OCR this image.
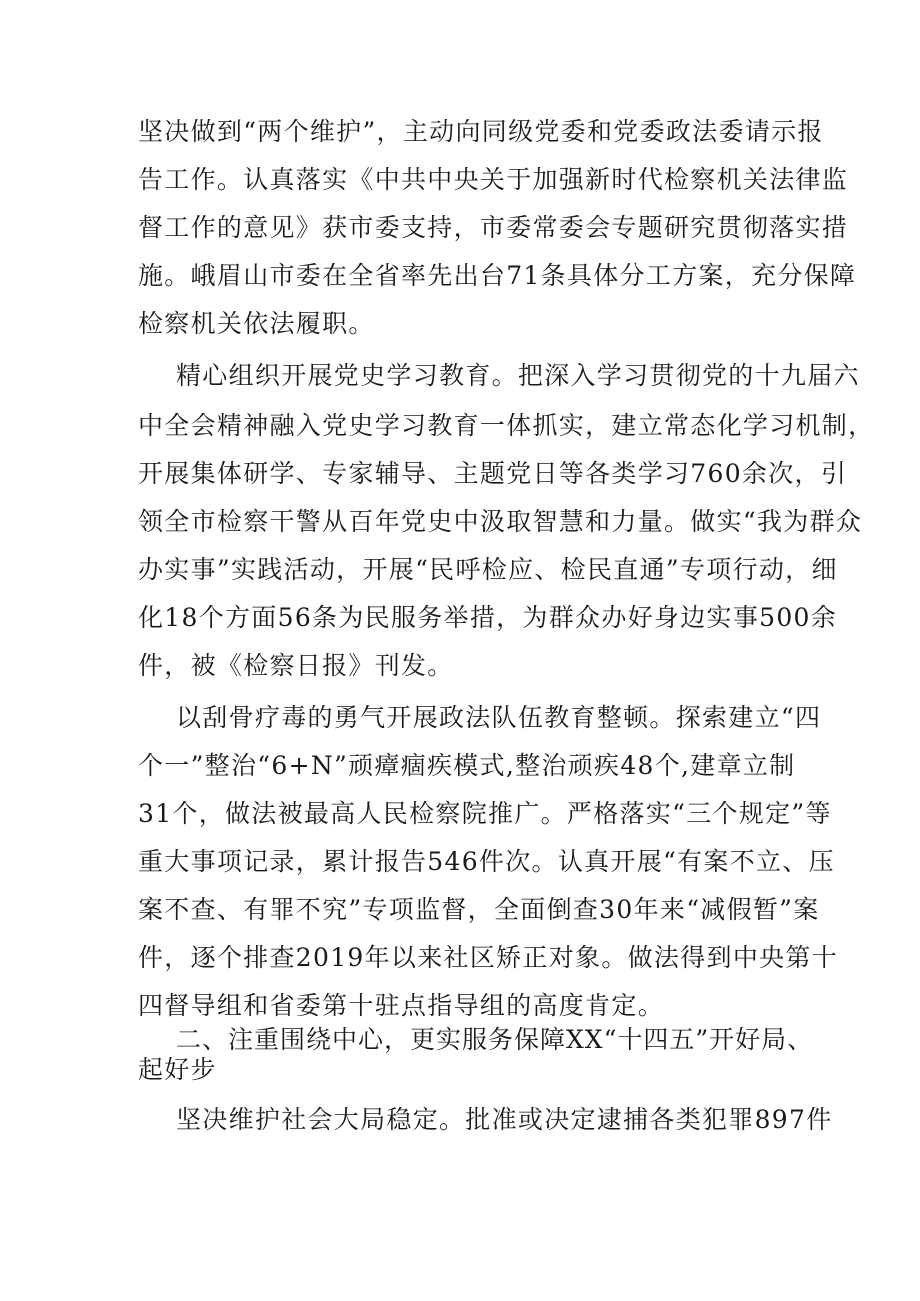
坚决做到“两个维护”，主动向同级党委和党委政法委请示报
告工作。认真落实《中共中央关于加强新时代检察机关法律监
督工作的意见》获市委支持，市委常委会专题研究贯彻落实措
施。峨眉山市委在全省率先出台71条具体分工方案，充分保障
检察机关依法履职。
精心组织开展党史学习教育。把深入学习贯彻党的十九届六
中全会精神融入党史学习教育一体抓实，建立常态化学习机制，
开展集体研学、专家辅导、主题党日等各类学习760余次，引
领全市检察干警从百年党史中汲取智慧和力量。做实“我为群众
办实事”实践活动，开展“民呼检应、检民直通”专项行动，细
化18个方面56条为民服务举措，为群众办好身边实事500余
件，被《检察日报》刊发。
以刮骨疗毒的勇气开展政法队伍教育整顿。探索建立“四
个一”整治“6+N”顽瘴痼疾模式,整治顽疾48个,建章立制
31个，做法被最高人民检察院推广。严格落实“三个规定”等
重大事项记录，累计报告546件次。认真开展“有案不立、压
案不查、有罪不究”专项监督，全面倒查30年来“减假暂”案
件，逐个排查2019年以来社区矫正对象。做法得到中央第十
四督导组和省委第十驻点指导组的高度肯定。
二、注重围绕中心，更实服务保障XX“十四五”开好局、
起好步
坚决维护社会大局稳定。批准或决定逮捕各类犯罪897件
